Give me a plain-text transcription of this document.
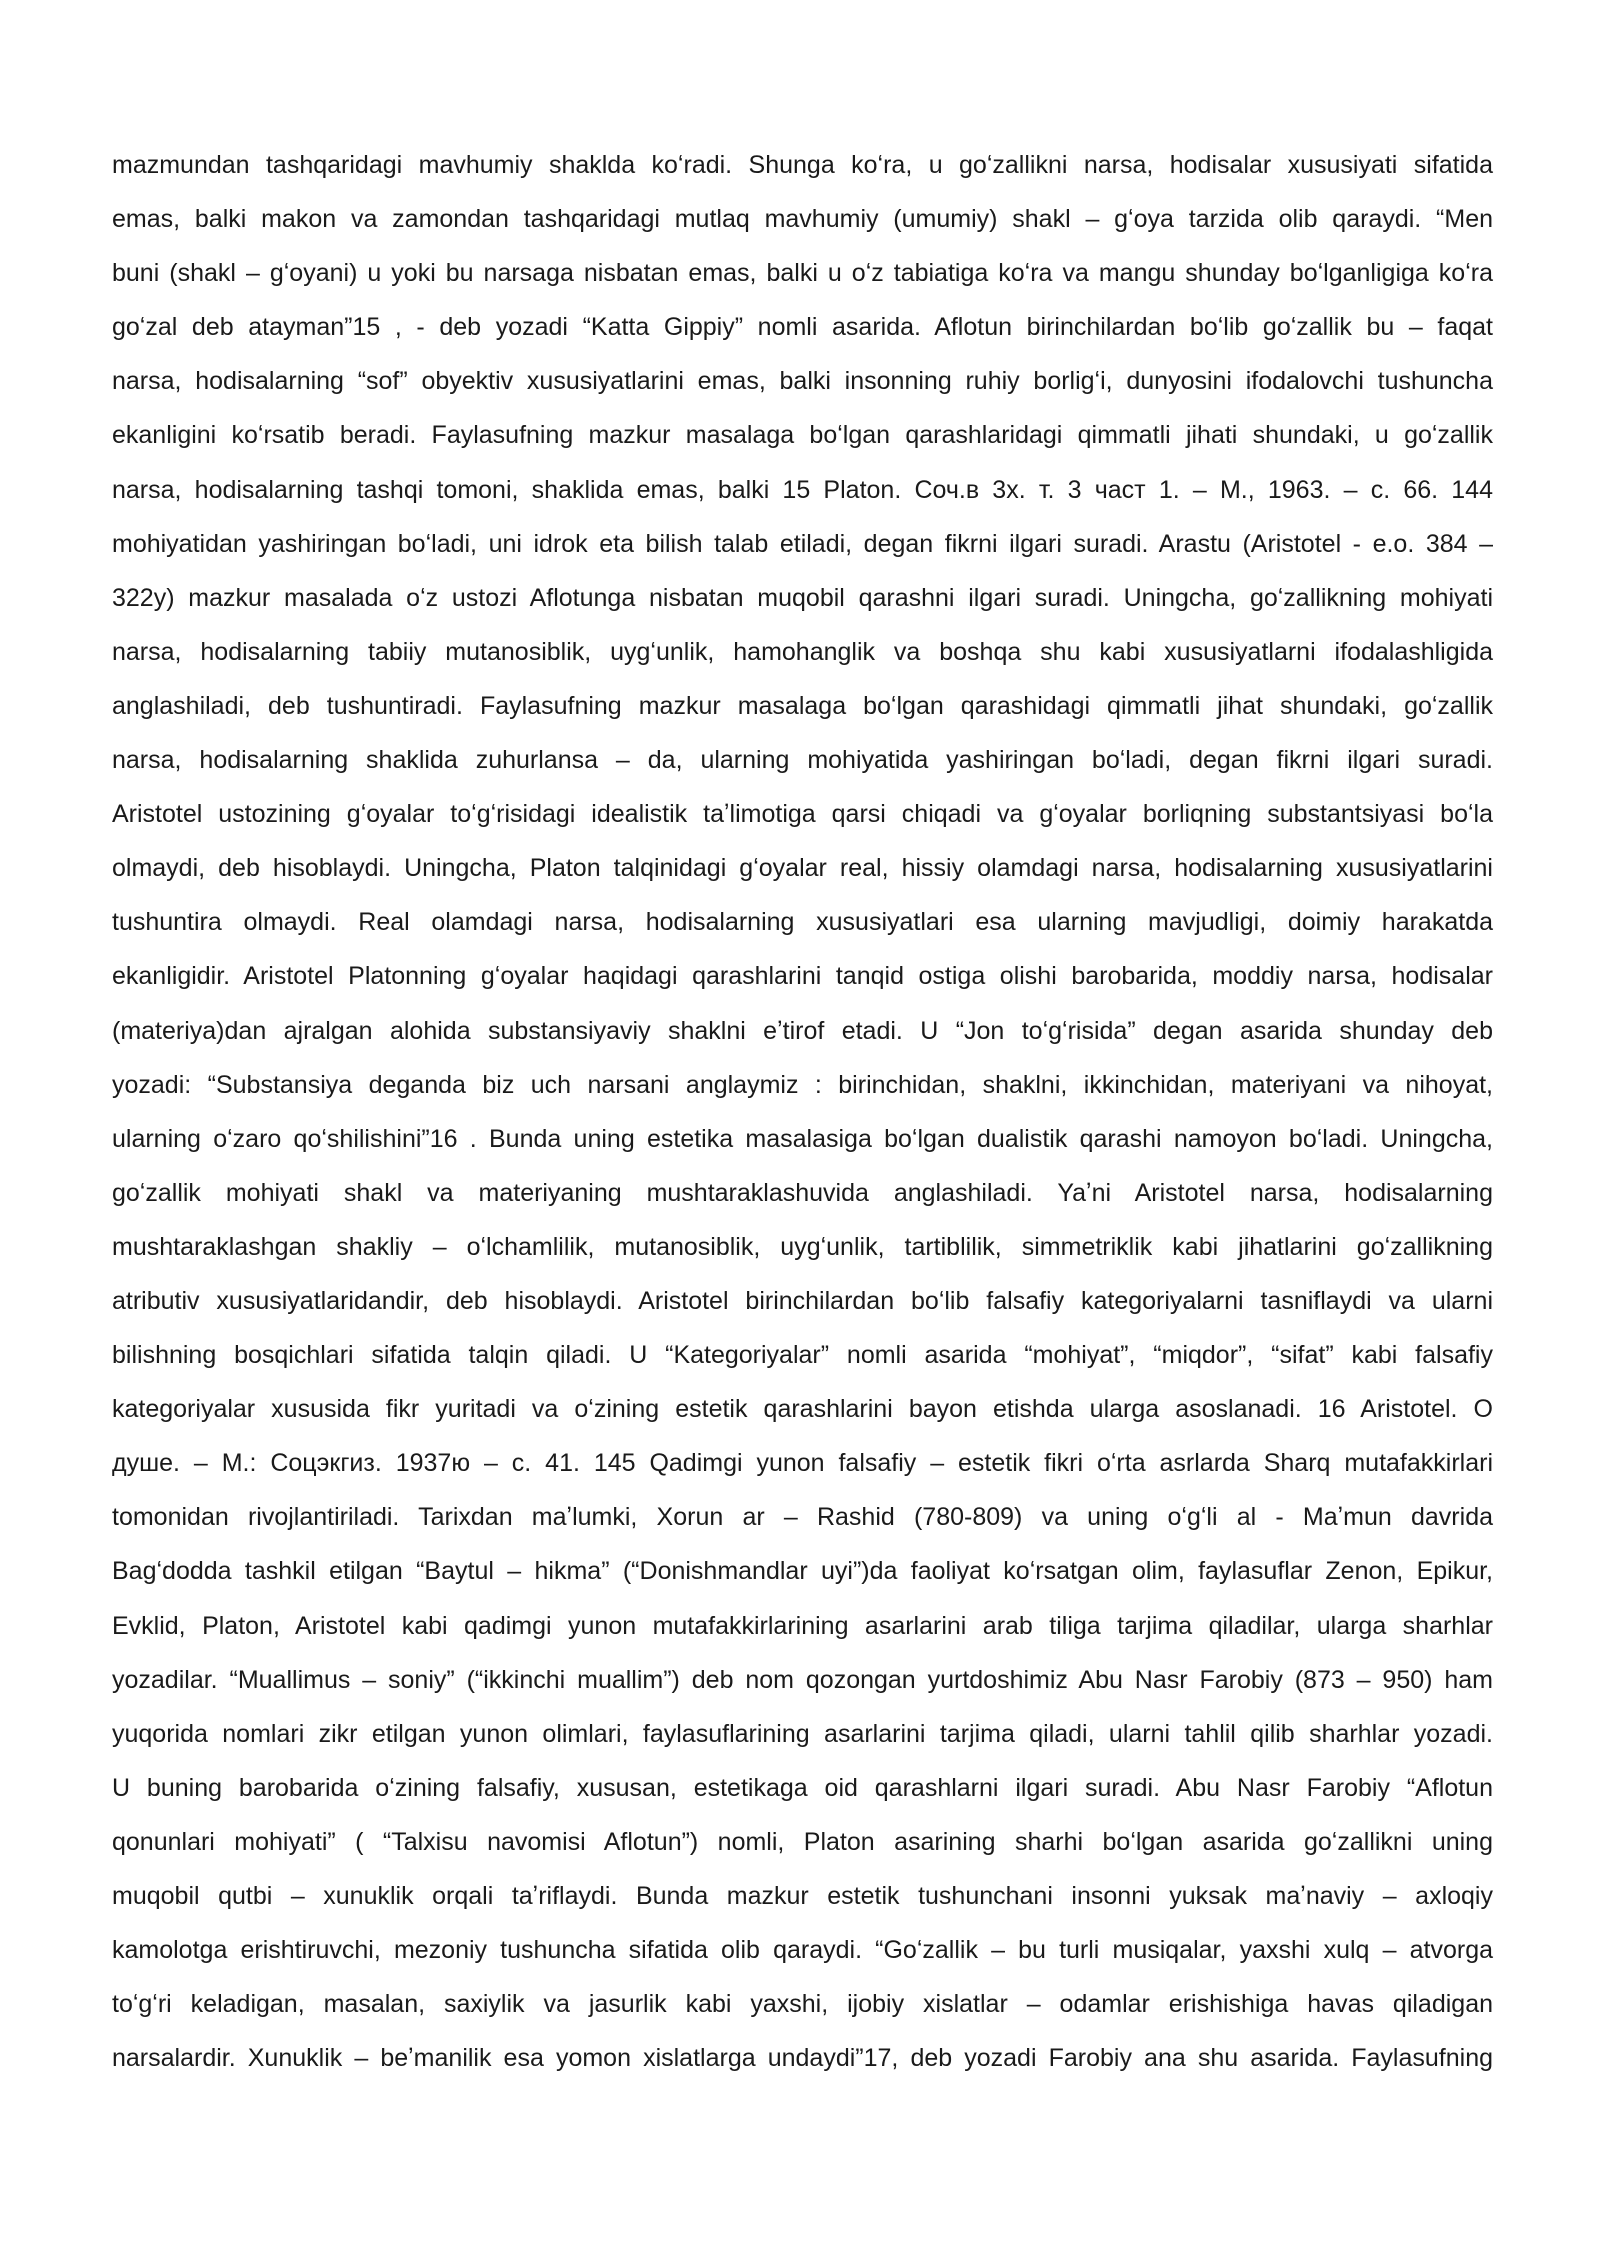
mazmundan tashqaridagi mavhumiy shaklda koʻradi. Shunga koʻra, u goʻzallikni narsa, hodisalar xususiyati sifatida
emas, balki makon va zamondan tashqaridagi mutlaq mavhumiy (umumiy) shakl – gʻoya tarzida olib qaraydi. “Men
buni (shakl – gʻoyani) u yoki bu narsaga nisbatan emas, balki u oʻz tabiatiga koʻra va mangu shunday boʻlganligiga koʻra
goʻzal deb atayman”15 , - deb yozadi “Katta Gippiy” nomli asarida. Aflotun birinchilardan boʻlib goʻzallik bu – faqat
narsa, hodisalarning “sof” obyektiv xususiyatlarini emas, balki insonning ruhiy borligʻi, dunyosini ifodalovchi tushuncha
ekanligini koʻrsatib beradi. Faylasufning mazkur masalaga boʻlgan qarashlaridagi qimmatli jihati shundaki, u goʻzallik
narsa, hodisalarning tashqi tomoni, shaklida emas, balki 15 Platon. Соч.в 3х. т. 3 част 1. – М., 1963. – с. 66. 144
mohiyatidan yashiringan boʻladi, uni idrok eta bilish talab etiladi, degan fikrni ilgari suradi. Arastu (Aristotel - e.o. 384 –
322y) mazkur masalada oʻz ustozi Aflotunga nisbatan muqobil qarashni ilgari suradi. Uningcha, goʻzallikning mohiyati
narsa, hodisalarning tabiiy mutanosiblik, uygʻunlik, hamohanglik va boshqa shu kabi xususiyatlarni ifodalashligida
anglashiladi, deb tushuntiradi. Faylasufning mazkur masalaga boʻlgan qarashidagi qimmatli jihat shundaki, goʻzallik
narsa, hodisalarning shaklida zuhurlansa – da, ularning mohiyatida yashiringan boʻladi, degan fikrni ilgari suradi.
Aristotel ustozining gʻoyalar toʻgʻrisidagi idealistik taʼlimotiga qarsi chiqadi va gʻoyalar borliqning substantsiyasi boʻla
olmaydi, deb hisoblaydi. Uningcha, Platon talqinidagi gʻoyalar real, hissiy olamdagi narsa, hodisalarning xususiyatlarini
tushuntira olmaydi. Real olamdagi narsa, hodisalarning xususiyatlari esa ularning mavjudligi, doimiy harakatda
ekanligidir. Aristotel Platonning gʻoyalar haqidagi qarashlarini tanqid ostiga olishi barobarida, moddiy narsa, hodisalar
(materiya)dan ajralgan alohida substansiyaviy shaklni eʼtirof etadi. U “Jon toʻgʻrisida” degan asarida shunday deb
yozadi: “Substansiya deganda biz uch narsani anglaymiz : birinchidan, shaklni, ikkinchidan, materiyani va nihoyat,
ularning oʻzaro qoʻshilishini”16 . Bunda uning estetika masalasiga boʻlgan dualistik qarashi namoyon boʻladi. Uningcha,
goʻzallik mohiyati shakl va materiyaning mushtaraklashuvida anglashiladi. Yaʼni Aristotel narsa, hodisalarning
mushtaraklashgan shakliy – oʻlchamlilik, mutanosiblik, uygʻunlik, tartiblilik, simmetriklik kabi jihatlarini goʻzallikning
atributiv xususiyatlaridandir, deb hisoblaydi. Aristotel birinchilardan boʻlib falsafiy kategoriyalarni tasniflaydi va ularni
bilishning bosqichlari sifatida talqin qiladi. U “Kategoriyalar” nomli asarida “mohiyat”, “miqdor”, “sifat” kabi falsafiy
kategoriyalar xususida fikr yuritadi va oʻzining estetik qarashlarini bayon etishda ularga asoslanadi. 16 Aristotel. О
душе. – М.: Соцэкгиз. 1937ю – с. 41. 145 Qadimgi yunon falsafiy – estetik fikri oʻrta asrlarda Sharq mutafakkirlari
tomonidan rivojlantiriladi. Tarixdan maʼlumki, Xorun ar – Rashid (780-809) va uning oʻgʻli al - Maʼmun davrida
Bagʻdodda tashkil etilgan “Baytul – hikma” (“Donishmandlar uyi”)da faoliyat koʻrsatgan olim, faylasuflar Zenon, Epikur,
Evklid, Platon, Aristotel kabi qadimgi yunon mutafakkirlarining asarlarini arab tiliga tarjima qiladilar, ularga sharhlar
yozadilar. “Muallimus – soniy” (“ikkinchi muallim”) deb nom qozongan yurtdoshimiz Abu Nasr Farobiy (873 – 950) ham
yuqorida nomlari zikr etilgan yunon olimlari, faylasuflarining asarlarini tarjima qiladi, ularni tahlil qilib sharhlar yozadi.
U buning barobarida oʻzining falsafiy, xususan, estetikaga oid qarashlarni ilgari suradi. Abu Nasr Farobiy “Aflotun
qonunlari mohiyati” ( “Talxisu navomisi Aflotun”) nomli, Platon asarining sharhi boʻlgan asarida goʻzallikni uning
muqobil qutbi – xunuklik orqali taʼriflaydi. Bunda mazkur estetik tushunchani insonni yuksak maʼnaviy – axloqiy
kamolotga erishtiruvchi, mezoniy tushuncha sifatida olib qaraydi. “Goʻzallik – bu turli musiqalar, yaxshi xulq – atvorga
toʻgʻri keladigan, masalan, saxiylik va jasurlik kabi yaxshi, ijobiy xislatlar – odamlar erishishiga havas qiladigan
narsalardir. Xunuklik – beʼmanilik esa yomon xislatlarga undaydi”17, deb yozadi Farobiy ana shu asarida. Faylasufning
